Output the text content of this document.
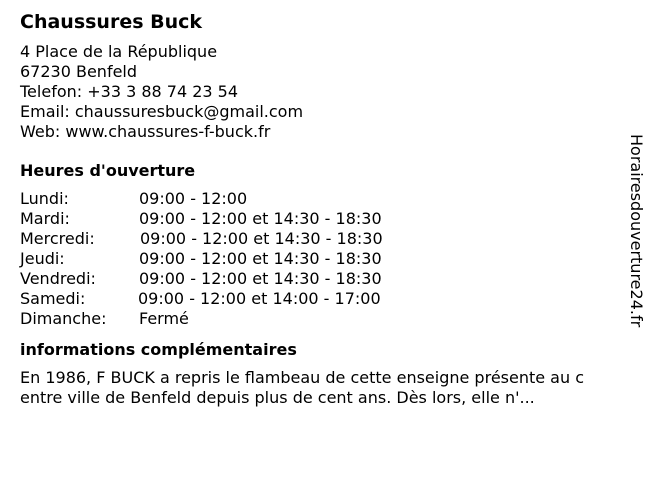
Chaussures Buck
4 Place de la République
67230 Benfeld
Telefon: +33 3 88 74 23 54
Email: chaussuresbuck@gmail.com
Web: www.chaussures-f-buck.fr
Heures d'ouverture
Lundi:	09:00 - 12:00
Mardi:	09:00 - 12:00 et 14:30 - 18:30
Mercredi:	09:00 - 12:00 et 14:30 - 18:30
Jeudi:	09:00 - 12:00 et 14:30 - 18:30
Vendredi:	09:00 - 12:00 et 14:30 - 18:30
Samedi:	09:00 - 12:00 et 14:00 - 17:00
Dimanche: Fermé
informations complémentaires
En 1986, F BUCK a repris le flambeau de cette enseigne présente au c
entre ville de Benfeld depuis plus de cent ans. Dès lors, elle n'...
Horairesdouverture24.fr
